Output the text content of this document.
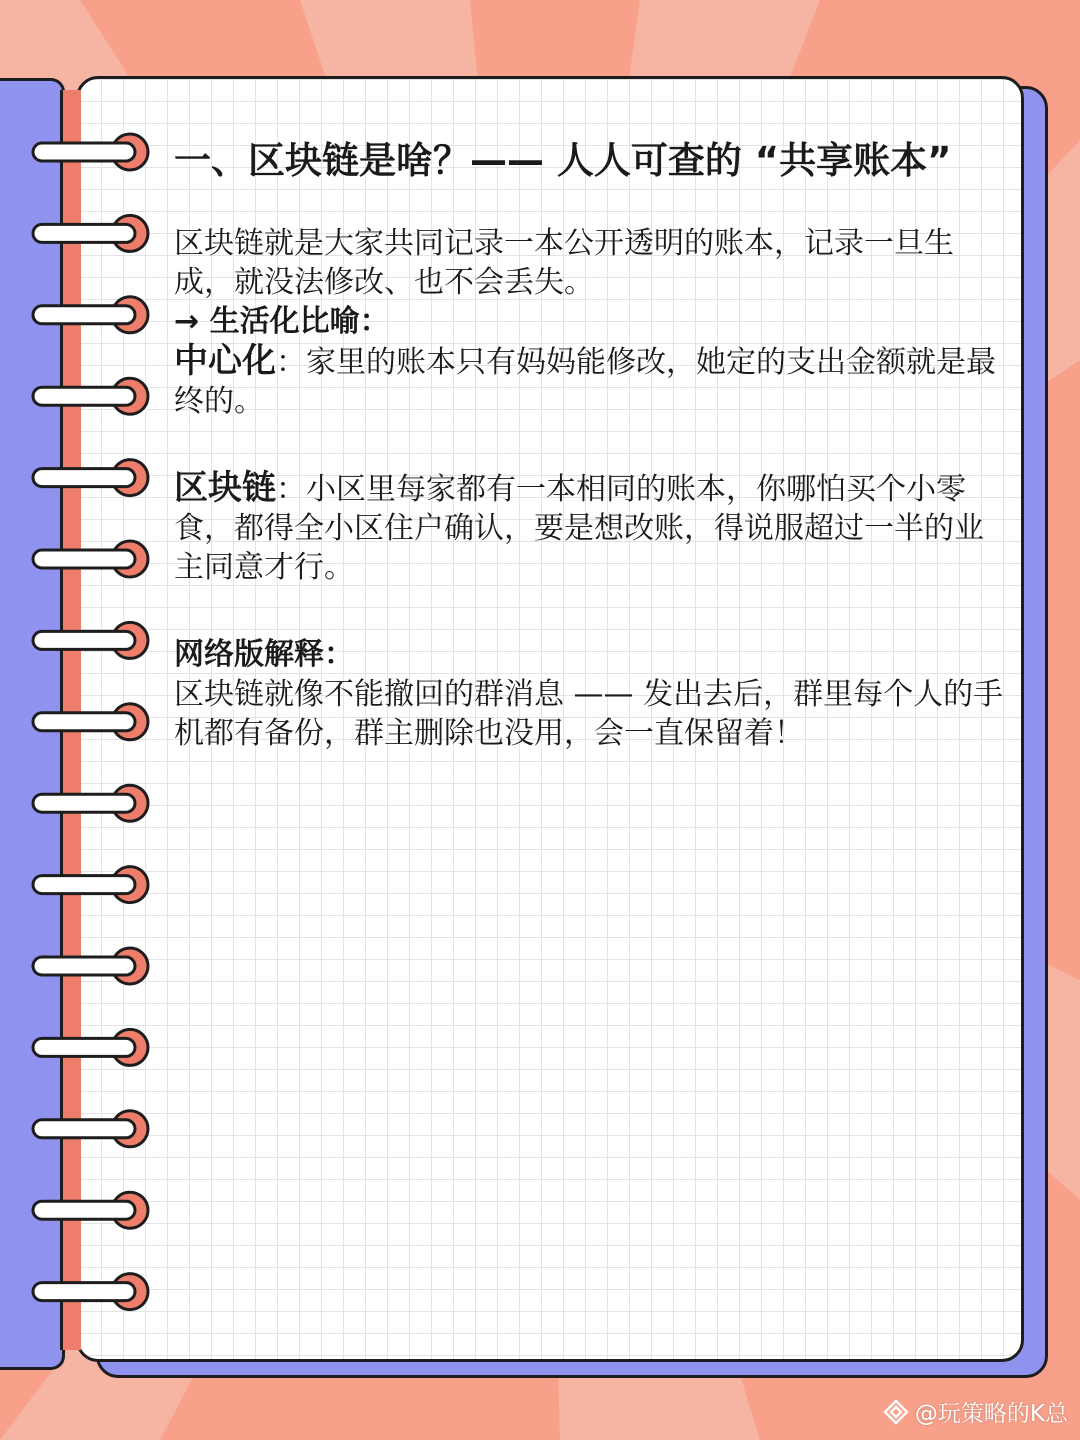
一、区块链是啥？—— 人人可查的 “共享账本”

区块链就是大家共同记录一本公开透明的账本，记录一旦生成，就没法修改、也不会丢失。

→ 生活化比喻：

中心化：家里的账本只有妈妈能修改，她定的支出金额就是最终的。

区块链：小区里每家都有一本相同的账本，你哪怕买个小零食，都得全小区住户确认，要是想改账，得说服超过一半的业主同意才行。

网络版解释：

区块链就像不能撤回的群消息 —— 发出去后，群里每个人的手机都有备份，群主删除也没用，会一直保留着！

@玩策略的K总
